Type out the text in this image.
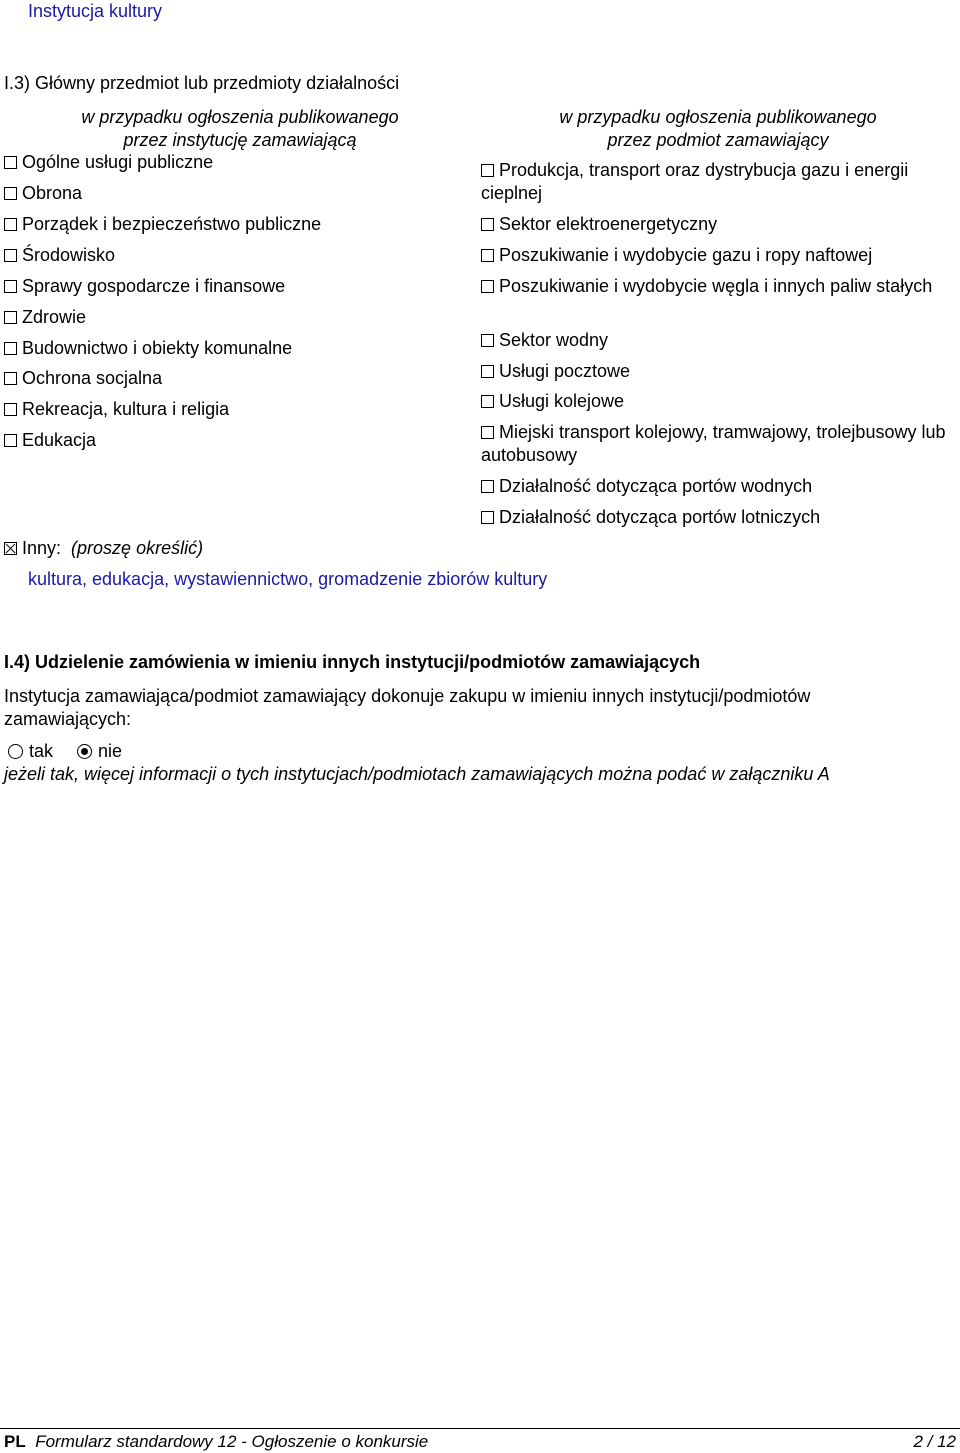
Instytucja kultury
I.3) Główny przedmiot lub przedmioty działalności
w przypadku ogłoszenia publikowanego
przez instytucję zamawiającą
w przypadku ogłoszenia publikowanego
przez podmiot zamawiający
Ogólne usługi publiczne
Obrona
Porządek i bezpieczeństwo publiczne
Środowisko
Sprawy gospodarcze i finansowe
Zdrowie
Budownictwo i obiekty komunalne
Ochrona socjalna
Rekreacja, kultura i religia
Edukacja
Produkcja, transport oraz dystrybucja gazu i energii cieplnej
Sektor elektroenergetyczny
Poszukiwanie i wydobycie gazu i ropy naftowej
Poszukiwanie i wydobycie węgla i innych paliw stałych
Sektor wodny
Usługi pocztowe
Usługi kolejowe
Miejski transport kolejowy, tramwajowy, trolejbusowy lub autobusowy
Działalność dotycząca portów wodnych
Działalność dotycząca portów lotniczych
Inny: (proszę określić)
kultura, edukacja, wystawiennictwo, gromadzenie zbiorów kultury
I.4) Udzielenie zamówienia w imieniu innych instytucji/podmiotów zamawiających
Instytucja zamawiająca/podmiot zamawiający dokonuje zakupu w imieniu innych instytucji/podmiotów zamawiających:
tak	nie
jeżeli tak, więcej informacji o tych instytucjach/podmiotach zamawiających można podać w załączniku A
PL Formularz standardowy 12 - Ogłoszenie o konkursie	2 / 12
